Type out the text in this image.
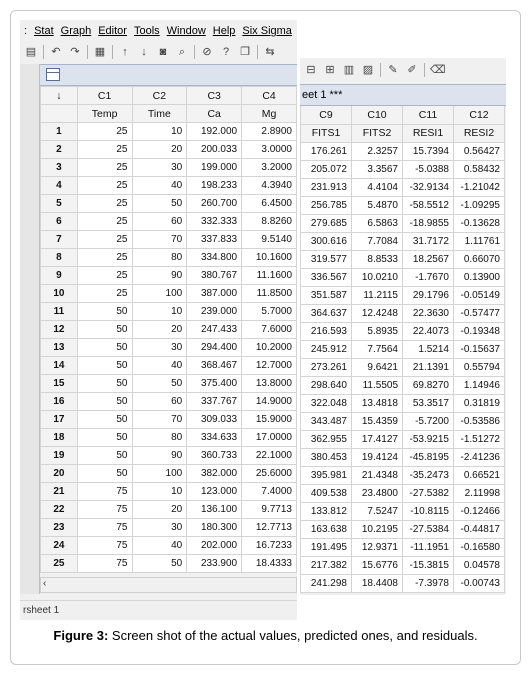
: Stat Graph Editor Tools Window Help Six Sigma
▤ ↶ ↷ ▦	↑	↓	◙	⌕	⊘	?	❐ ⇆
↓	C1	C2	C3	C4
	Temp	Time	Ca	Mg
1	25	10	192.000	2.8900
2	25	20	200.033	3.0000
3	25	30	199.000	3.2000
4	25	40	198.233	4.3940
5	25	50	260.700	6.4500
6	25	60	332.333	8.8260
7	25	70	337.833	9.5140
8	25	80	334.800	10.1600
9	25	90	380.767	11.1600
10	25	100	387.000	11.8500
11	50	10	239.000	5.7000
12	50	20	247.433	7.6000
13	50	30	294.400	10.2000
14	50	40	368.467	12.7000
15	50	50	375.400	13.8000
16	50	60	337.767	14.9000
17	50	70	309.033	15.9000
18	50	80	334.633	17.0000
19	50	90	360.733	22.1000
20	50	100	382.000	25.6000
21	75	10	123.000	7.4000
22	75	20	136.100	9.7713
23	75	30	180.300	12.7713
24	75	40	202.000	16.7233
25	75	50	233.900	18.4333
‹
rsheet 1
⊟ ⊞ ▥ ▨ ✎ ✐ ⌫
eet 1 ***
C9	C10	C11	C12
FITS1	FITS2	RESI1	RESI2
176.261	2.3257	15.7394	0.56427
205.072	3.3567	-5.0388	0.58432
231.913	4.4104	-32.9134	-1.21042
256.785	5.4870	-58.5512	-1.09295
279.685	6.5863	-18.9855	-0.13628
300.616	7.7084	31.7172	1.11761
319.577	8.8533	18.2567	0.66070
336.567	10.0210	-1.7670	0.13900
351.587	11.2115	29.1796	-0.05149
364.637	12.4248	22.3630	-0.57477
216.593	5.8935	22.4073	-0.19348
245.912	7.7564	1.5214	-0.15637
273.261	9.6421	21.1391	0.55794
298.640	11.5505	69.8270	1.14946
322.048	13.4818	53.3517	0.31819
343.487	15.4359	-5.7200	-0.53586
362.955	17.4127	-53.9215	-1.51272
380.453	19.4124	-45.8195	-2.41236
395.981	21.4348	-35.2473	0.66521
409.538	23.4800	-27.5382	2.11998
133.812	7.5247	-10.8115	-0.12466
163.638	10.2195	-27.5384	-0.44817
191.495	12.9371	-11.1951	-0.16580
217.382	15.6776	-15.3815	0.04578
241.298	18.4408	-7.3978	-0.00743
Figure 3: Screen shot of the actual values, predicted ones, and residuals.
